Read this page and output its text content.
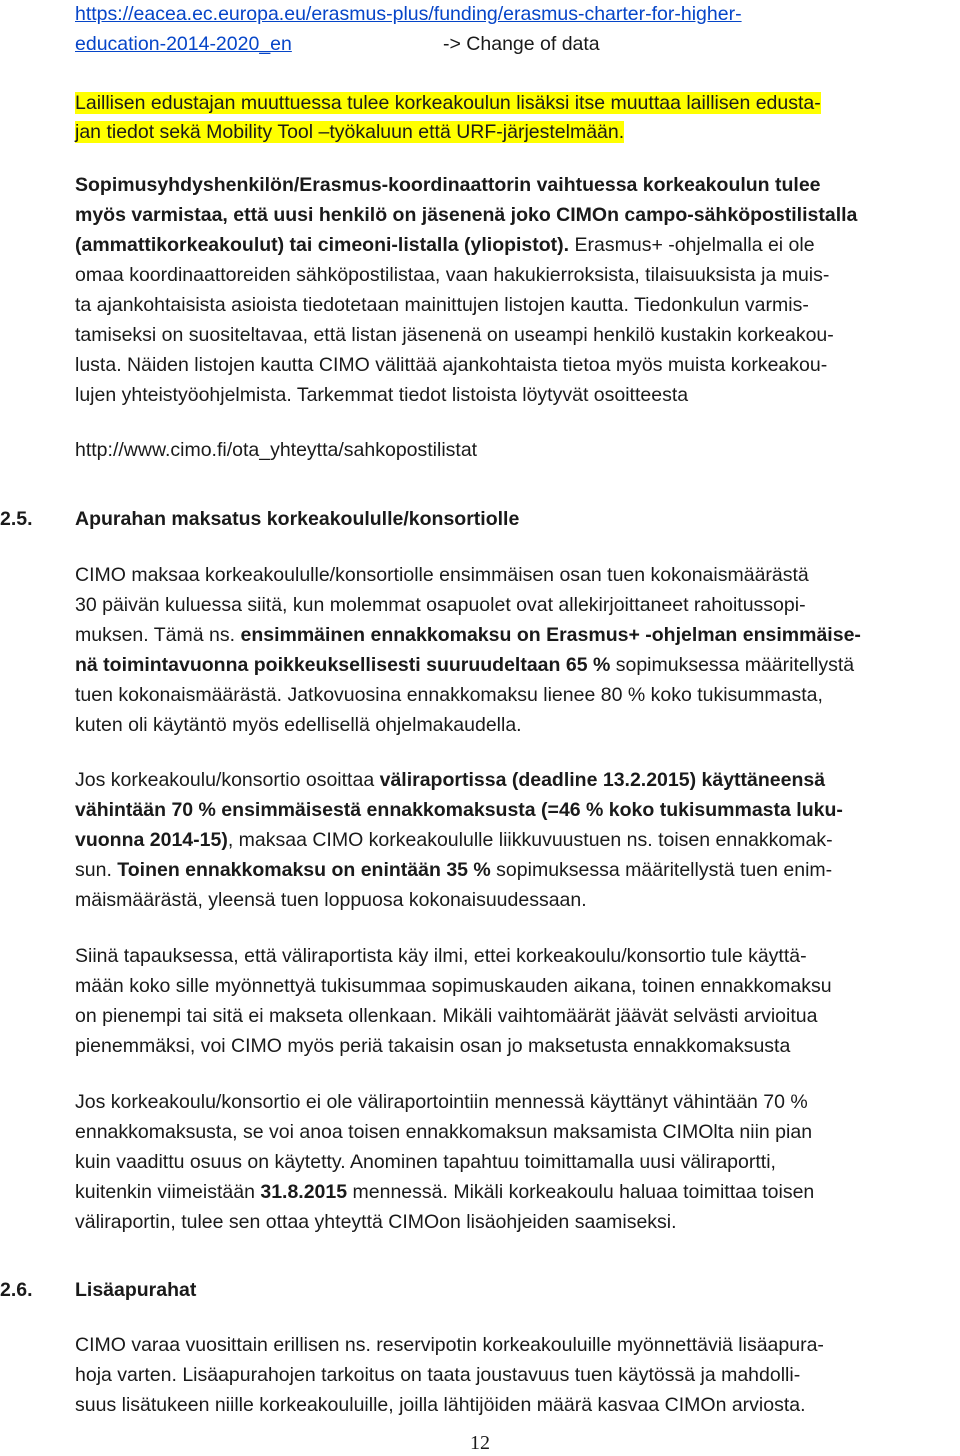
https://eacea.ec.europa.eu/erasmus-plus/funding/erasmus-charter-for-higher-
education-2014-2020_en	-> Change of data
Laillisen edustajan muuttuessa tulee korkeakoulun lisäksi itse muuttaa laillisen edusta-
jan tiedot sekä Mobility Tool –työkaluun että URF-järjestelmään.
Sopimusyhdyshenkilön/Erasmus-koordinaattorin vaihtuessa korkeakoulun tulee
myös varmistaa, että uusi henkilö on jäsenenä joko CIMOn campo-sähköpostilistalla
(ammattikorkeakoulut) tai cimeoni-listalla (yliopistot). Erasmus+ -ohjelmalla ei ole
omaa koordinaattoreiden sähköpostilistaa, vaan hakukierroksista, tilaisuuksista ja muis-
ta ajankohtaisista asioista tiedotetaan mainittujen listojen kautta. Tiedonkulun varmis-
tamiseksi on suositeltavaa, että listan jäsenenä on useampi henkilö kustakin korkeakou-
lusta. Näiden listojen kautta CIMO välittää ajankohtaista tietoa myös muista korkeakou-
lujen yhteistyöohjelmista. Tarkemmat tiedot listoista löytyvät osoitteesta
http://www.cimo.fi/ota_yhteytta/sahkopostilistat
2.5. Apurahan maksatus korkeakoululle/konsortiolle
CIMO maksaa korkeakoululle/konsortiolle ensimmäisen osan tuen kokonaismäärästä
30 päivän kuluessa siitä, kun molemmat osapuolet ovat allekirjoittaneet rahoitussopi-
muksen. Tämä ns. ensimmäinen ennakkomaksu on Erasmus+ -ohjelman ensimmäise-
nä toimintavuonna poikkeuksellisesti suuruudeltaan 65 % sopimuksessa määritellystä
tuen kokonaismäärästä. Jatkovuosina ennakkomaksu lienee 80 % koko tukisummasta,
kuten oli käytäntö myös edellisellä ohjelmakaudella.
Jos korkeakoulu/konsortio osoittaa väliraportissa (deadline 13.2.2015) käyttäneensä
vähintään 70 % ensimmäisestä ennakkomaksusta (=46 % koko tukisummasta luku-
vuonna 2014-15), maksaa CIMO korkeakoululle liikkuvuustuen ns. toisen ennakkomak-
sun. Toinen ennakkomaksu on enintään 35 % sopimuksessa määritellystä tuen enim-
mäismäärästä, yleensä tuen loppuosa kokonaisuudessaan.
Siinä tapauksessa, että väliraportista käy ilmi, ettei korkeakoulu/konsortio tule käyttä-
mään koko sille myönnettyä tukisummaa sopimuskauden aikana, toinen ennakkomaksu
on pienempi tai sitä ei makseta ollenkaan. Mikäli vaihtomäärät jäävät selvästi arvioitua
pienemmäksi, voi CIMO myös periä takaisin osan jo maksetusta ennakkomaksusta
Jos korkeakoulu/konsortio ei ole väliraportointiin mennessä käyttänyt vähintään 70 %
ennakkomaksusta, se voi anoa toisen ennakkomaksun maksamista CIMOlta niin pian
kuin vaadittu osuus on käytetty. Anominen tapahtuu toimittamalla uusi väliraportti,
kuitenkin viimeistään 31.8.2015 mennessä. Mikäli korkeakoulu haluaa toimittaa toisen
väliraportin, tulee sen ottaa yhteyttä CIMOon lisäohjeiden saamiseksi.
2.6. Lisäapurahat
CIMO varaa vuosittain erillisen ns. reservipotin korkeakouluille myönnettäviä lisäapura-
hoja varten. Lisäapurahojen tarkoitus on taata joustavuus tuen käytössä ja mahdolli-
suus lisätukeen niille korkeakouluille, joilla lähtijöiden määrä kasvaa CIMOn arviosta.
12
